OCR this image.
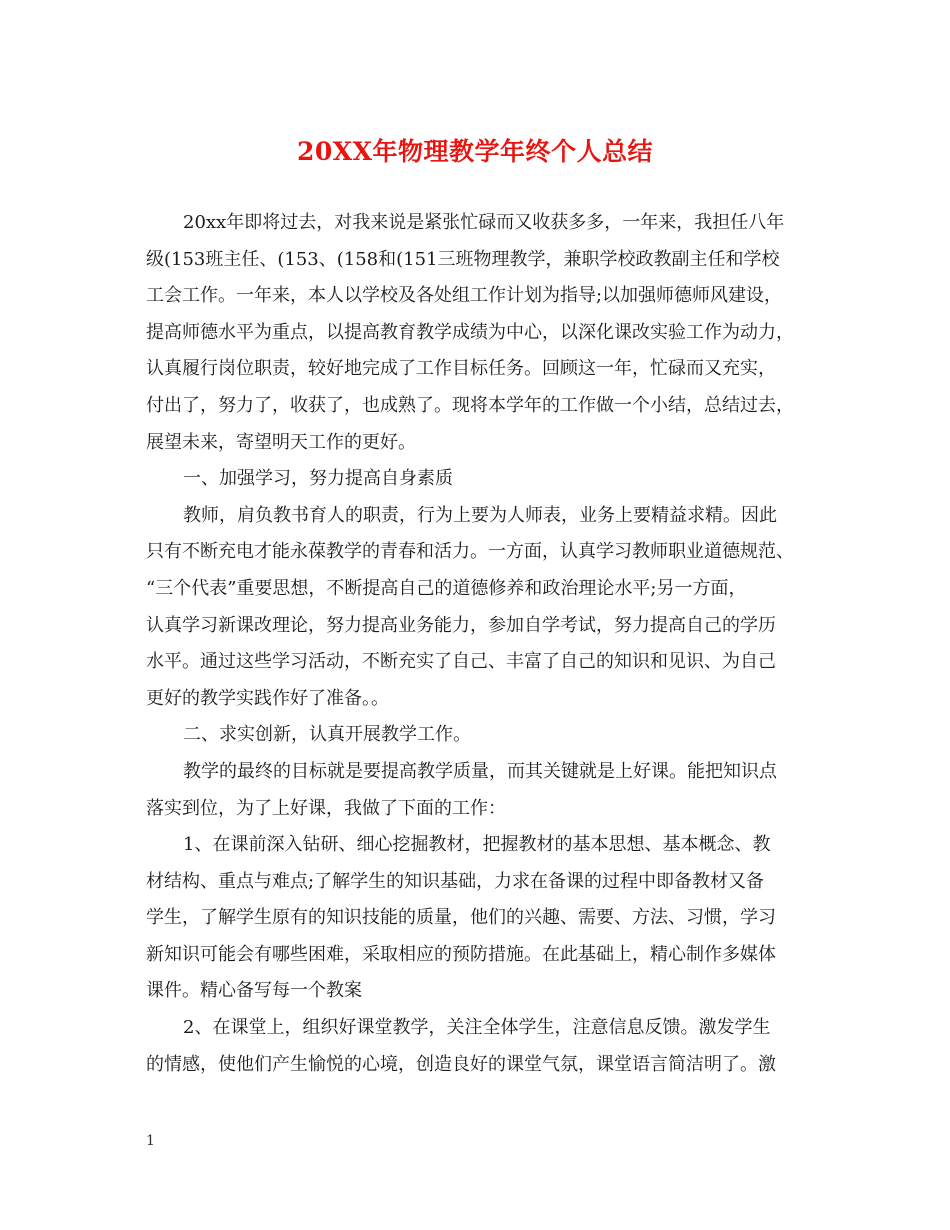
20XX年物理教学年终个人总结
20xx年即将过去，对我来说是紧张忙碌而又收获多多，一年来，我担任八年
级(153班主任、(153、(158和(151三班物理教学，兼职学校政教副主任和学校
工会工作。一年来，本人以学校及各处组工作计划为指导;以加强师德师风建设，
提高师德水平为重点，以提高教育教学成绩为中心，以深化课改实验工作为动力，
认真履行岗位职责，较好地完成了工作目标任务。回顾这一年，忙碌而又充实，
付出了，努力了，收获了，也成熟了。现将本学年的工作做一个小结，总结过去，
展望未来，寄望明天工作的更好。
一、加强学习，努力提高自身素质
教师，肩负教书育人的职责，行为上要为人师表，业务上要精益求精。因此
只有不断充电才能永葆教学的青春和活力。一方面，认真学习教师职业道德规范、
“三个代表”重要思想，不断提高自己的道德修养和政治理论水平;另一方面，
认真学习新课改理论，努力提高业务能力，参加自学考试，努力提高自己的学历
水平。通过这些学习活动，不断充实了自己、丰富了自己的知识和见识、为自己
更好的教学实践作好了准备。。
二、求实创新，认真开展教学工作。
教学的最终的目标就是要提高教学质量，而其关键就是上好课。能把知识点
落实到位，为了上好课，我做了下面的工作：
1、在课前深入钻研、细心挖掘教材，把握教材的基本思想、基本概念、教
材结构、重点与难点;了解学生的知识基础，力求在备课的过程中即备教材又备
学生，了解学生原有的知识技能的质量，他们的兴趣、需要、方法、习惯，学习
新知识可能会有哪些困难，采取相应的预防措施。在此基础上，精心制作多媒体
课件。精心备写每一个教案
2、在课堂上，组织好课堂教学，关注全体学生，注意信息反馈。激发学生
的情感，使他们产生愉悦的心境，创造良好的课堂气氛，课堂语言简洁明了。激
1
